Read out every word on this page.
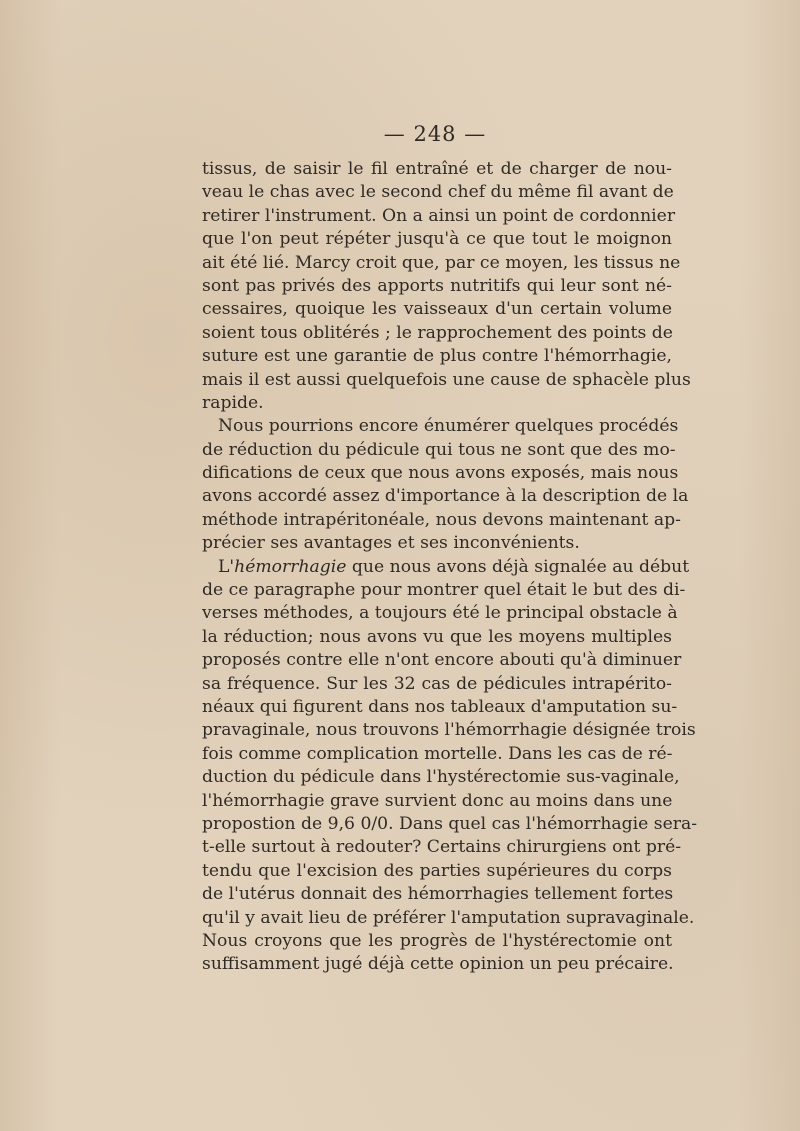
— 248 —
tissus, de saisir le fil entraîné et de charger de nou-
veau le chas avec le second chef du même fil avant de
retirer l'instrument. On a ainsi un point de cordonnier
que l'on peut répéter jusqu'à ce que tout le moignon
ait été lié. Marcy croit que, par ce moyen, les tissus ne
sont pas privés des apports nutritifs qui leur sont né-
cessaires, quoique les vaisseaux d'un certain volume
soient tous oblitérés ; le rapprochement des points de
suture est une garantie de plus contre l'hémorrhagie,
mais il est aussi quelquefois une cause de sphacèle plus
rapide.
Nous pourrions encore énumérer quelques procédés
de réduction du pédicule qui tous ne sont que des mo-
difications de ceux que nous avons exposés, mais nous
avons accordé assez d'importance à la description de la
méthode intrapéritonéale, nous devons maintenant ap-
précier ses avantages et ses inconvénients.
L'hémorrhagie que nous avons déjà signalée au début
de ce paragraphe pour montrer quel était le but des di-
verses méthodes, a toujours été le principal obstacle à
la réduction; nous avons vu que les moyens multiples
proposés contre elle n'ont encore abouti qu'à diminuer
sa fréquence. Sur les 32 cas de pédicules intrapérito-
néaux qui figurent dans nos tableaux d'amputation su-
pravaginale, nous trouvons l'hémorrhagie désignée trois
fois comme complication mortelle. Dans les cas de ré-
duction du pédicule dans l'hystérectomie sus-vaginale,
l'hémorrhagie grave survient donc au moins dans une
propostion de 9,6 0/0. Dans quel cas l'hémorrhagie sera-
t-elle surtout à redouter? Certains chirurgiens ont pré-
tendu que l'excision des parties supérieures du corps
de l'utérus donnait des hémorrhagies tellement fortes
qu'il y avait lieu de préférer l'amputation supravaginale.
Nous croyons que les progrès de l'hystérectomie ont
suffisamment jugé déjà cette opinion un peu précaire.
